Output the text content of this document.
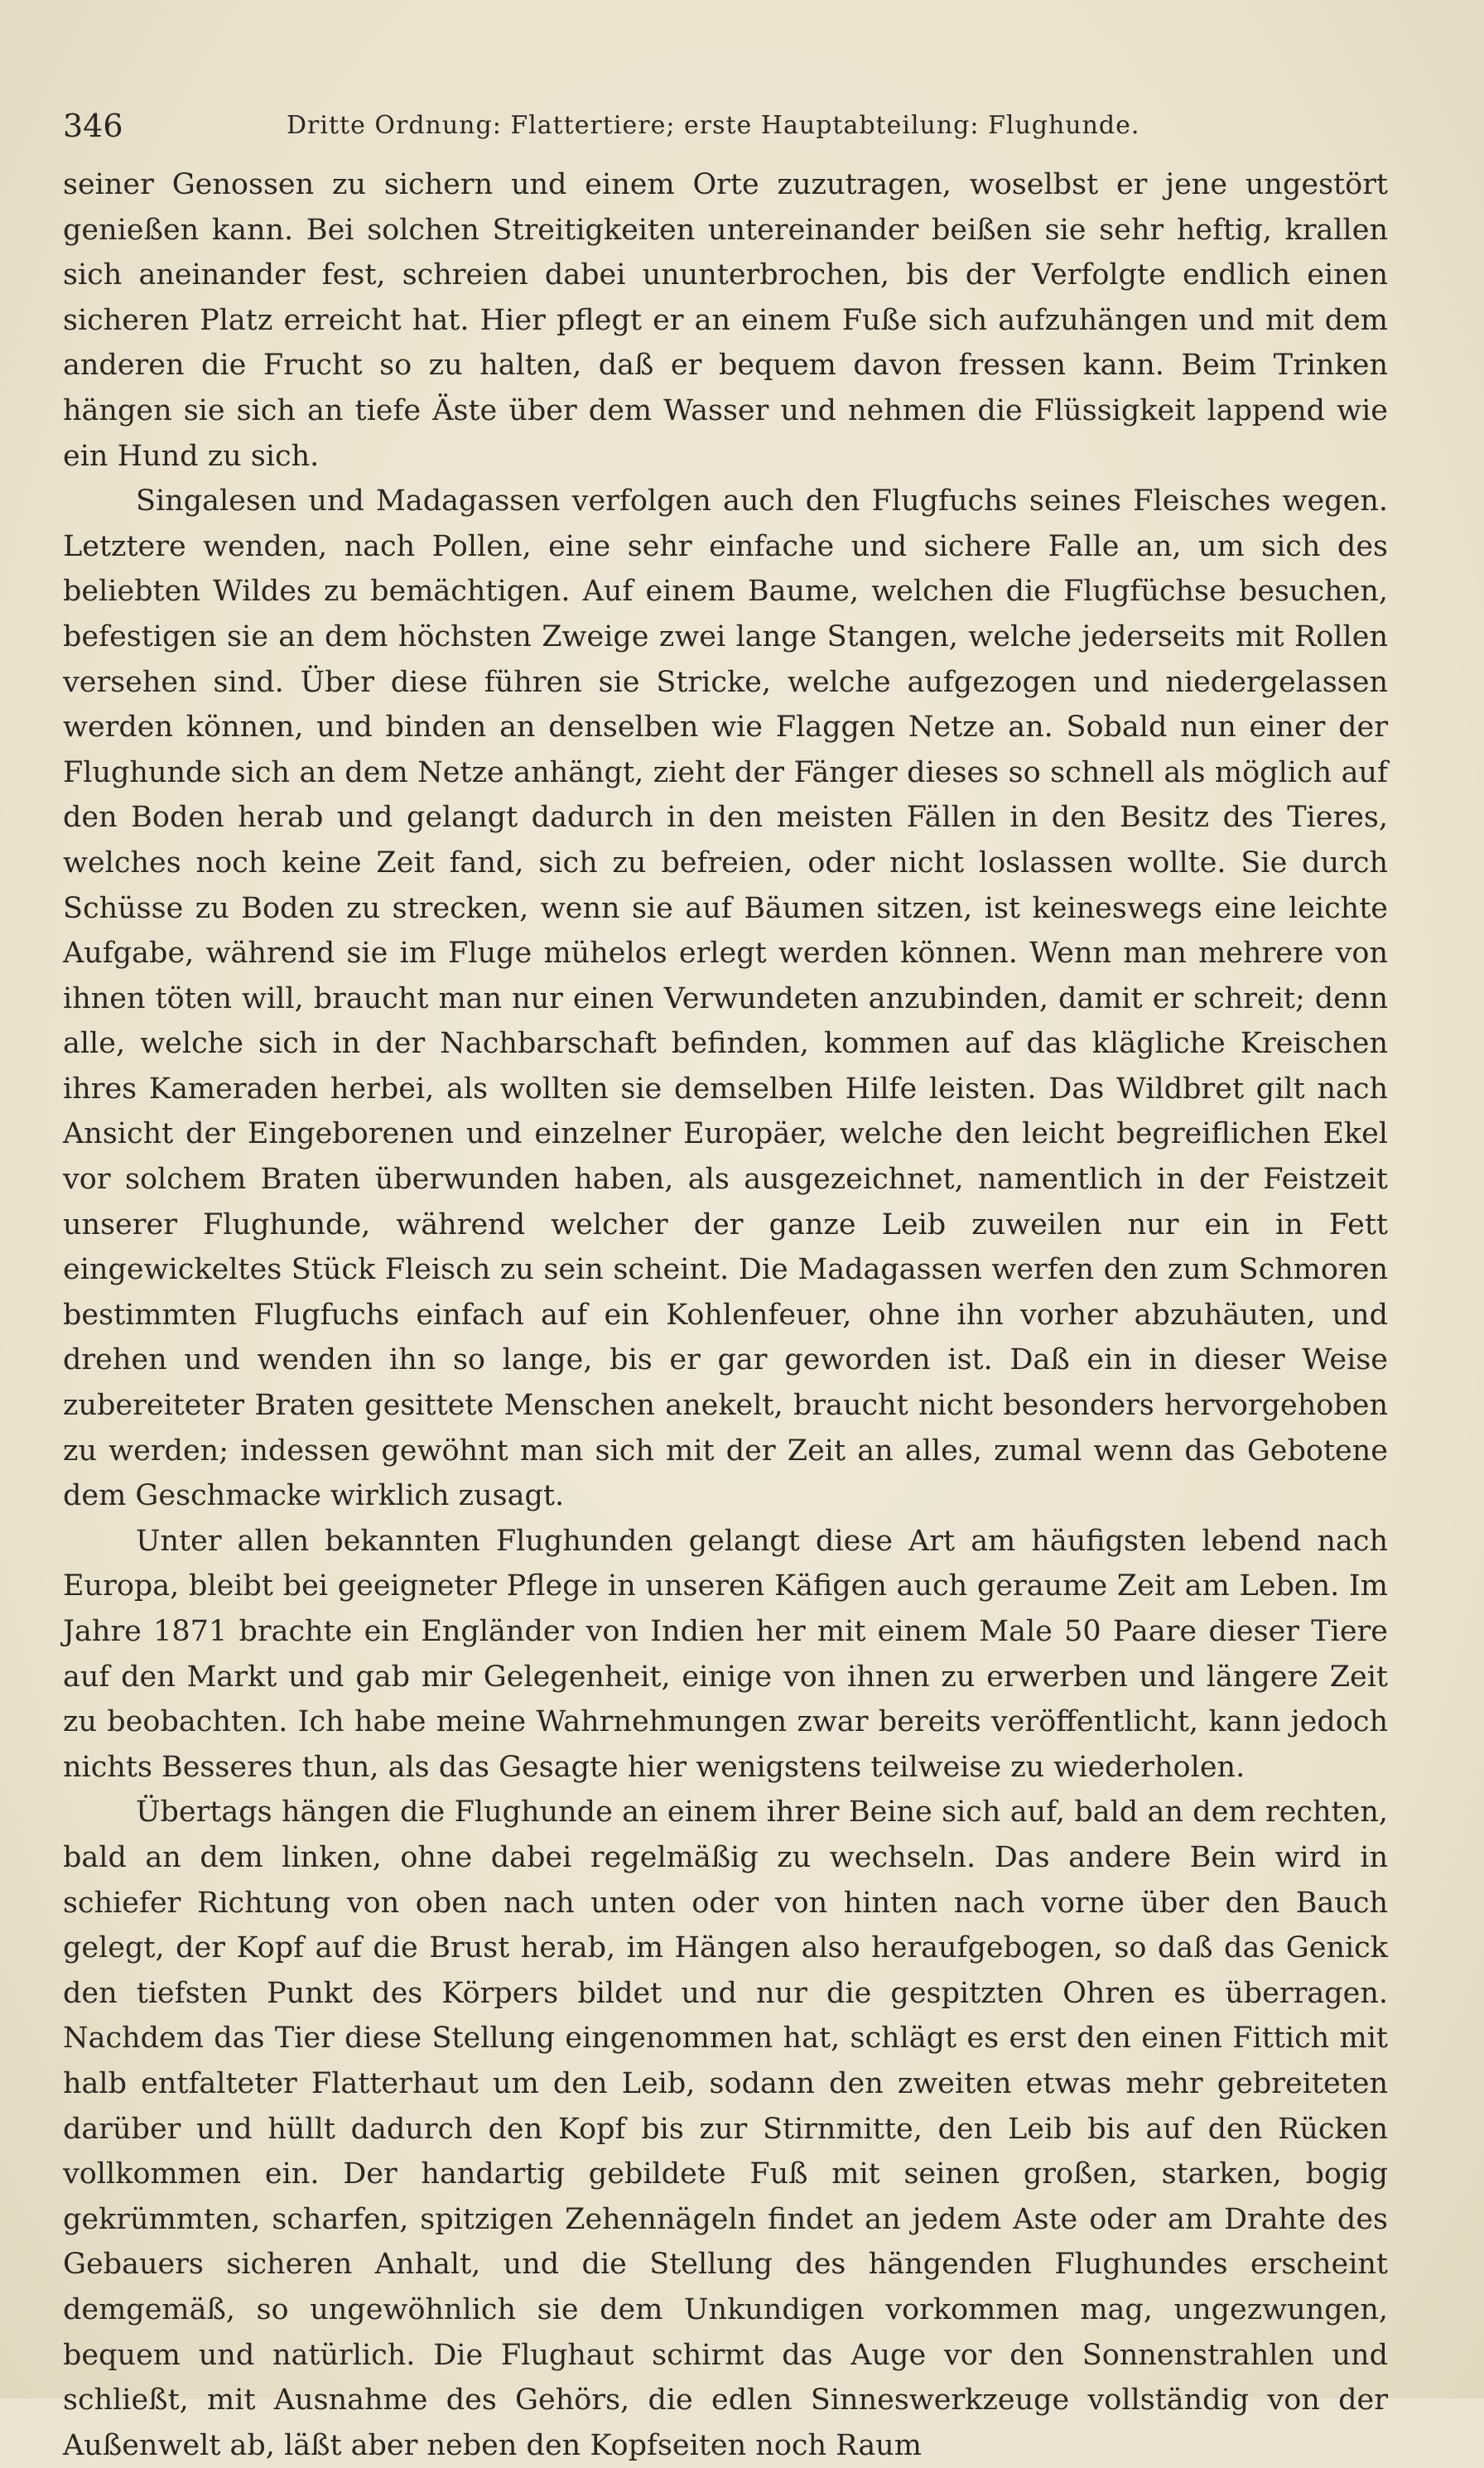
346	Dritte Ordnung: Flattertiere; erste Hauptabteilung: Flughunde.

seiner Genossen zu sichern und einem Orte zuzutragen, woselbst er jene ungestört genießen kann. Bei solchen Streitigkeiten untereinander beißen sie sehr heftig, krallen sich aneinander fest, schreien dabei ununterbrochen, bis der Verfolgte endlich einen sicheren Platz erreicht hat. Hier pflegt er an einem Fuße sich aufzuhängen und mit dem anderen die Frucht so zu halten, daß er bequem davon fressen kann. Beim Trinken hängen sie sich an tiefe Äste über dem Wasser und nehmen die Flüssigkeit lappend wie ein Hund zu sich.

Singalesen und Madagassen verfolgen auch den Flugfuchs seines Fleisches wegen. Letztere wenden, nach Pollen, eine sehr einfache und sichere Falle an, um sich des beliebten Wildes zu bemächtigen. Auf einem Baume, welchen die Flugfüchse besuchen, befestigen sie an dem höchsten Zweige zwei lange Stangen, welche jederseits mit Rollen versehen sind. Über diese führen sie Stricke, welche aufgezogen und niedergelassen werden können, und binden an denselben wie Flaggen Netze an. Sobald nun einer der Flughunde sich an dem Netze anhängt, zieht der Fänger dieses so schnell als möglich auf den Boden herab und gelangt dadurch in den meisten Fällen in den Besitz des Tieres, welches noch keine Zeit fand, sich zu befreien, oder nicht loslassen wollte. Sie durch Schüsse zu Boden zu strecken, wenn sie auf Bäumen sitzen, ist keineswegs eine leichte Aufgabe, während sie im Fluge mühelos erlegt werden können. Wenn man mehrere von ihnen töten will, braucht man nur einen Verwundeten anzubinden, damit er schreit; denn alle, welche sich in der Nachbarschaft befinden, kommen auf das klägliche Kreischen ihres Kameraden herbei, als wollten sie demselben Hilfe leisten. Das Wildbret gilt nach Ansicht der Eingeborenen und einzelner Europäer, welche den leicht begreiflichen Ekel vor solchem Braten überwunden haben, als ausgezeichnet, namentlich in der Feistzeit unserer Flughunde, während welcher der ganze Leib zuweilen nur ein in Fett eingewickeltes Stück Fleisch zu sein scheint. Die Madagassen werfen den zum Schmoren bestimmten Flugfuchs einfach auf ein Kohlenfeuer, ohne ihn vorher abzuhäuten, und drehen und wenden ihn so lange, bis er gar geworden ist. Daß ein in dieser Weise zubereiteter Braten gesittete Menschen anekelt, braucht nicht besonders hervorgehoben zu werden; indessen gewöhnt man sich mit der Zeit an alles, zumal wenn das Gebotene dem Geschmacke wirklich zusagt.

Unter allen bekannten Flughunden gelangt diese Art am häufigsten lebend nach Europa, bleibt bei geeigneter Pflege in unseren Käfigen auch geraume Zeit am Leben. Im Jahre 1871 brachte ein Engländer von Indien her mit einem Male 50 Paare dieser Tiere auf den Markt und gab mir Gelegenheit, einige von ihnen zu erwerben und längere Zeit zu beobachten. Ich habe meine Wahrnehmungen zwar bereits veröffentlicht, kann jedoch nichts Besseres thun, als das Gesagte hier wenigstens teilweise zu wiederholen.

Übertags hängen die Flughunde an einem ihrer Beine sich auf, bald an dem rechten, bald an dem linken, ohne dabei regelmäßig zu wechseln. Das andere Bein wird in schiefer Richtung von oben nach unten oder von hinten nach vorne über den Bauch gelegt, der Kopf auf die Brust herab, im Hängen also heraufgebogen, so daß das Genick den tiefsten Punkt des Körpers bildet und nur die gespitzten Ohren es überragen. Nachdem das Tier diese Stellung eingenommen hat, schlägt es erst den einen Fittich mit halb entfalteter Flatterhaut um den Leib, sodann den zweiten etwas mehr gebreiteten darüber und hüllt dadurch den Kopf bis zur Stirnmitte, den Leib bis auf den Rücken vollkommen ein. Der handartig gebildete Fuß mit seinen großen, starken, bogig gekrümmten, scharfen, spitzigen Zehennägeln findet an jedem Aste oder am Drahte des Gebauers sicheren Anhalt, und die Stellung des hängenden Flughundes erscheint demgemäß, so ungewöhnlich sie dem Unkundigen vorkommen mag, ungezwungen, bequem und natürlich. Die Flughaut schirmt das Auge vor den Sonnenstrahlen und schließt, mit Ausnahme des Gehörs, die edlen Sinneswerkzeuge vollständig von der Außenwelt ab, läßt aber neben den Kopfseiten noch Raum
